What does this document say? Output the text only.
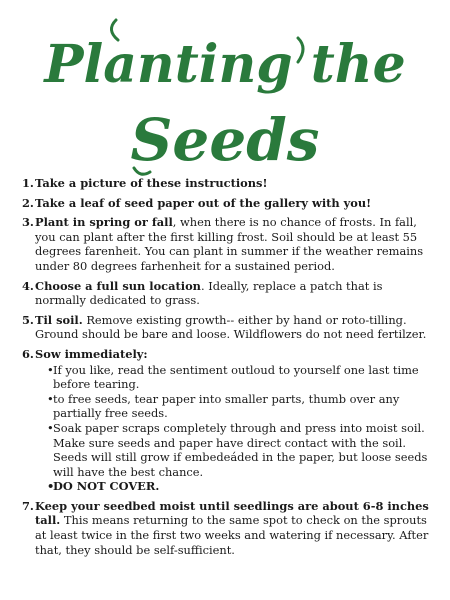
Planting the
Seeds
1.Take a picture of these instructions!
2.Take a leaf of seed paper out of the gallery with you!
3.Plant in spring or fall, when there is no chance of frosts. In fall, you can plant after the first killing frost. Soil should be at least 55 degrees farenheit. You can plant in summer if the weather remains under 80 degrees farhenheit for a sustained period.
4.Choose a full sun location. Ideally, replace a patch that is normally dedicated to grass.
5.Til soil. Remove existing growth-- either by hand or roto-tilling. Ground should be bare and loose. Wildflowers do not need fertilzer.
6.Sow immediately:
• If you like, read the sentiment outloud to yourself one last time before tearing.
• to free seeds, tear paper into smaller parts, thumb over any partially free seeds.
• Soak paper scraps completely through and press into moist soil. Make sure seeds and paper have direct contact with the soil. Seeds will still grow if embedeáded in the paper, but loose seeds will have the best chance.
• DO NOT COVER.
7.Keep your seedbed moist until seedlings are about 6-8 inches tall. This means returning to the same spot to check on the sprouts at least twice in the first two weeks and watering if necessary. After that, they should be self-sufficient.
